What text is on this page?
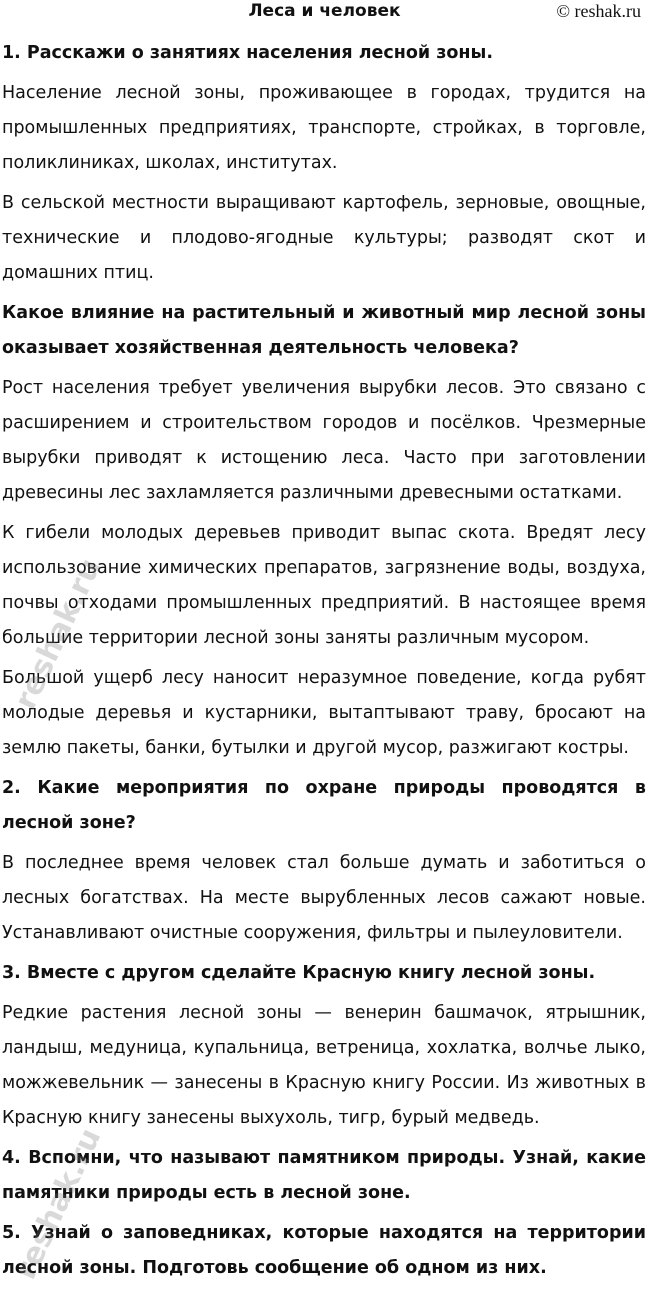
Леса и человек	© reshak.ru

1. Расскажи о занятиях населения лесной зоны.

Население лесной зоны, проживающее в городах, трудится на промышленных предприятиях, транспорте, стройках, в торговле, поликлиниках, школах, институтах.

В сельской местности выращивают картофель, зерновые, овощные, технические и плодово-ягодные культуры; разводят скот и домашних птиц.

Какое влияние на растительный и животный мир лесной зоны оказывает хозяйственная деятельность человека?

Рост населения требует увеличения вырубки лесов. Это связано с расширением и строительством городов и посёлков. Чрезмерные вырубки приводят к истощению леса. Часто при заготовлении древесины лес захламляется различными древесными остатками.

К гибели молодых деревьев приводит выпас скота. Вредят лесу использование химических препаратов, загрязнение воды, воздуха, почвы отходами промышленных предприятий. В настоящее время большие территории лесной зоны заняты различным мусором.

Большой ущерб лесу наносит неразумное поведение, когда рубят молодые деревья и кустарники, вытаптывают траву, бросают на землю пакеты, банки, бутылки и другой мусор, разжигают костры.

2. Какие мероприятия по охране природы проводятся в лесной зоне?

В последнее время человек стал больше думать и заботиться о лесных богатствах. На месте вырубленных лесов сажают новые. Устанавливают очистные сооружения, фильтры и пылеуловители.

3. Вместе с другом сделайте Красную книгу лесной зоны.

Редкие растения лесной зоны — венерин башмачок, ятрышник, ландыш, медуница, купальница, ветреница, хохлатка, волчье лыко, можжевельник — занесены в Красную книгу России. Из животных в Красную книгу занесены выхухоль, тигр, бурый медведь.

4. Вспомни, что называют памятником природы. Узнай, какие памятники природы есть в лесной зоне.

5. Узнай о заповедниках, которые находятся на территории лесной зоны. Подготовь сообщение об одном из них.

reshak.ru
reshak.ru
